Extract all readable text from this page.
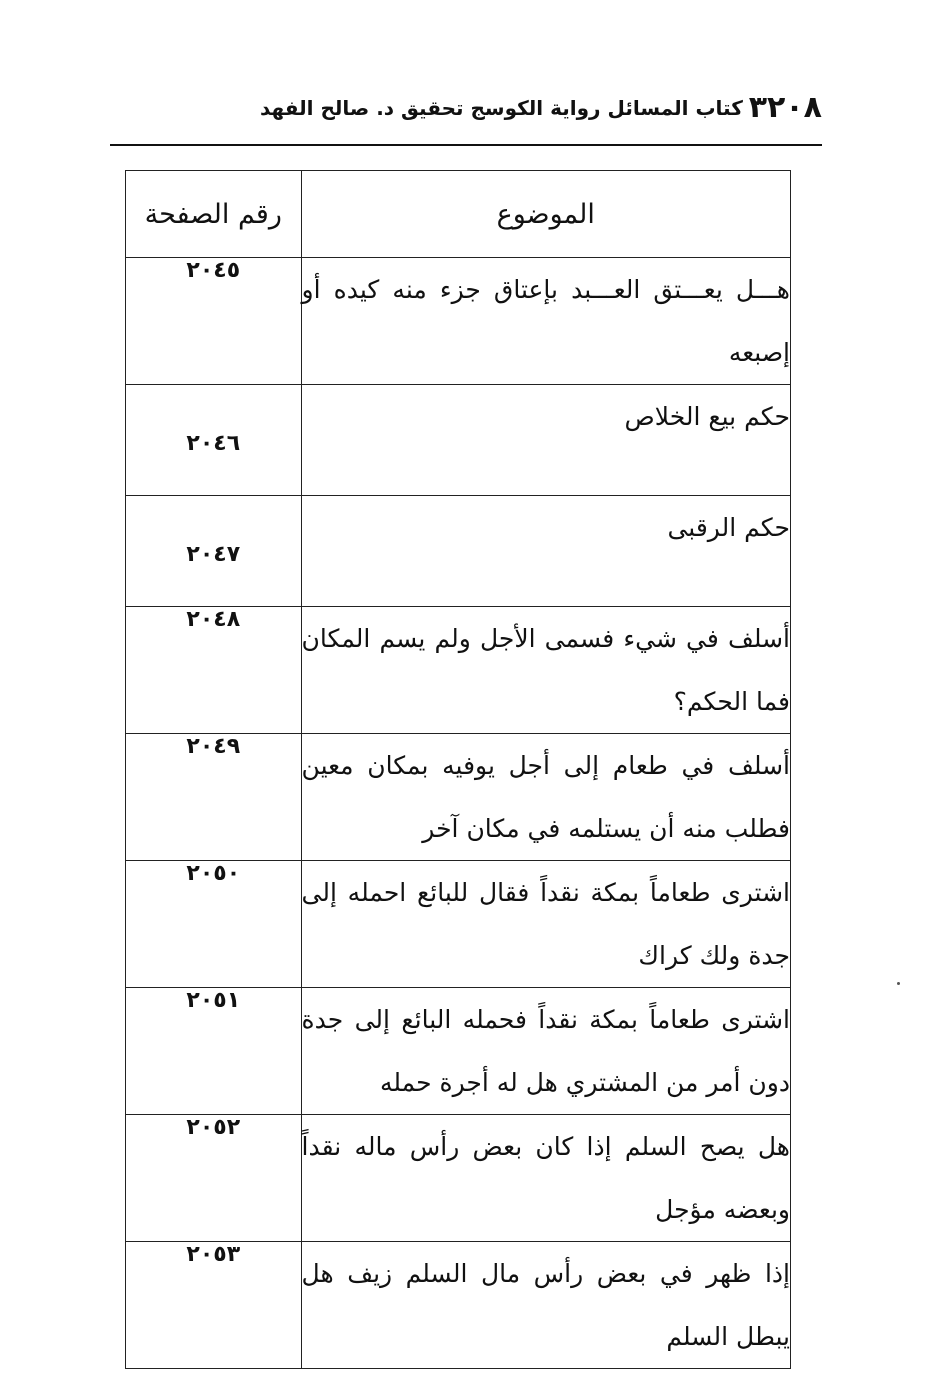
٣٢٠٨
كتاب المسائل رواية الكوسج تحقيق د. صالح الفهد
الموضوع	رقم الصفحة
هـــل يعـــتق العـــبد بإعتاق جزء منه كيده أو إصبعه	٢٠٤٥
حكم بيع الخلاص	٢٠٤٦
حكم الرقبى	٢٠٤٧
أسلف في شيء فسمى الأجل ولم يسم المكان فما الحكم؟	٢٠٤٨
أسلف في طعام إلى أجل يوفيه بمكان معين فطلب منه أن يستلمه في مكان آخر	٢٠٤٩
اشترى طعاماً بمكة نقداً فقال للبائع احمله إلى جدة ولك كراك	٢٠٥٠
اشترى طعاماً بمكة نقداً فحمله البائع إلى جدة دون أمر من المشتري هل له أجرة حمله	٢٠٥١
هل يصح السلم إذا كان بعض رأس ماله نقداً وبعضه مؤجل	٢٠٥٢
إذا ظهر في بعض رأس مال السلم زيف هل يبطل السلم	٢٠٥٣
